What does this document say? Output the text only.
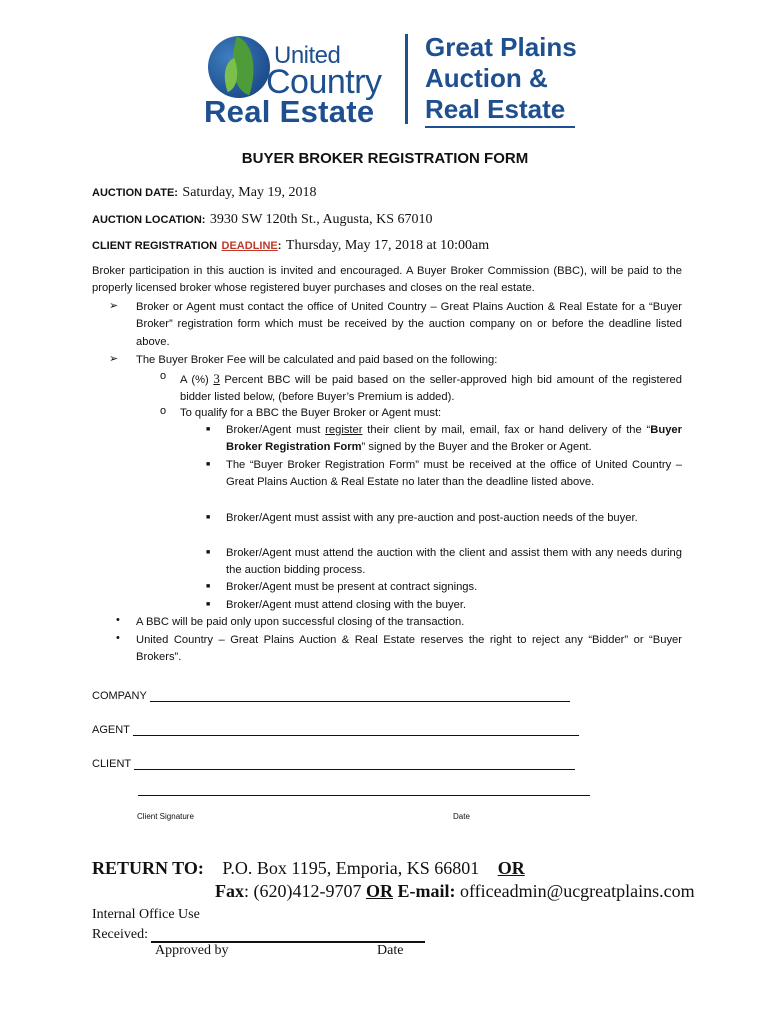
United
Country
Real Estate
Great Plains
Auction &
Real Estate
BUYER BROKER REGISTRATION FORM
AUCTION DATE: Saturday, May 19, 2018
AUCTION LOCATION: 3930 SW 120th St., Augusta, KS 67010
CLIENT REGISTRATION DEADLINE: Thursday, May 17, 2018 at 10:00am
Broker participation in this auction is invited and encouraged. A Buyer Broker Commission (BBC), will be paid to the properly licensed broker whose registered buyer purchases and closes on the real estate.
➢ Broker or Agent must contact the office of United Country – Great Plains Auction & Real Estate for a “Buyer Broker” registration form which must be received by the auction company on or before the deadline listed above.
➢ The Buyer Broker Fee will be calculated and paid based on the following:
o A (%) 3 Percent BBC will be paid based on the seller-approved high bid amount of the registered bidder listed below, (before Buyer’s Premium is added).
o To qualify for a BBC the Buyer Broker or Agent must:
■ Broker/Agent must register their client by mail, email, fax or hand delivery of the “Buyer Broker Registration Form” signed by the Buyer and the Broker or Agent.
■ The “Buyer Broker Registration Form” must be received at the office of United Country – Great Plains Auction & Real Estate no later than the deadline listed above.
■ Broker/Agent must assist with any pre-auction and post-auction needs of the buyer.
■ Broker/Agent must attend the auction with the client and assist them with any needs during the auction bidding process.
■ Broker/Agent must be present at contract signings.
■ Broker/Agent must attend closing with the buyer.
• A BBC will be paid only upon successful closing of the transaction.
• United Country – Great Plains Auction & Real Estate reserves the right to reject any “Bidder” or “Buyer Brokers”.
COMPANY
AGENT
CLIENT
Client Signature	Date
RETURN TO: P.O. Box 1195, Emporia, KS 66801 OR
Fax: (620)412-9707 OR E-mail: officeadmin@ucgreatplains.com
Internal Office Use
Received:
Approved by	Date
